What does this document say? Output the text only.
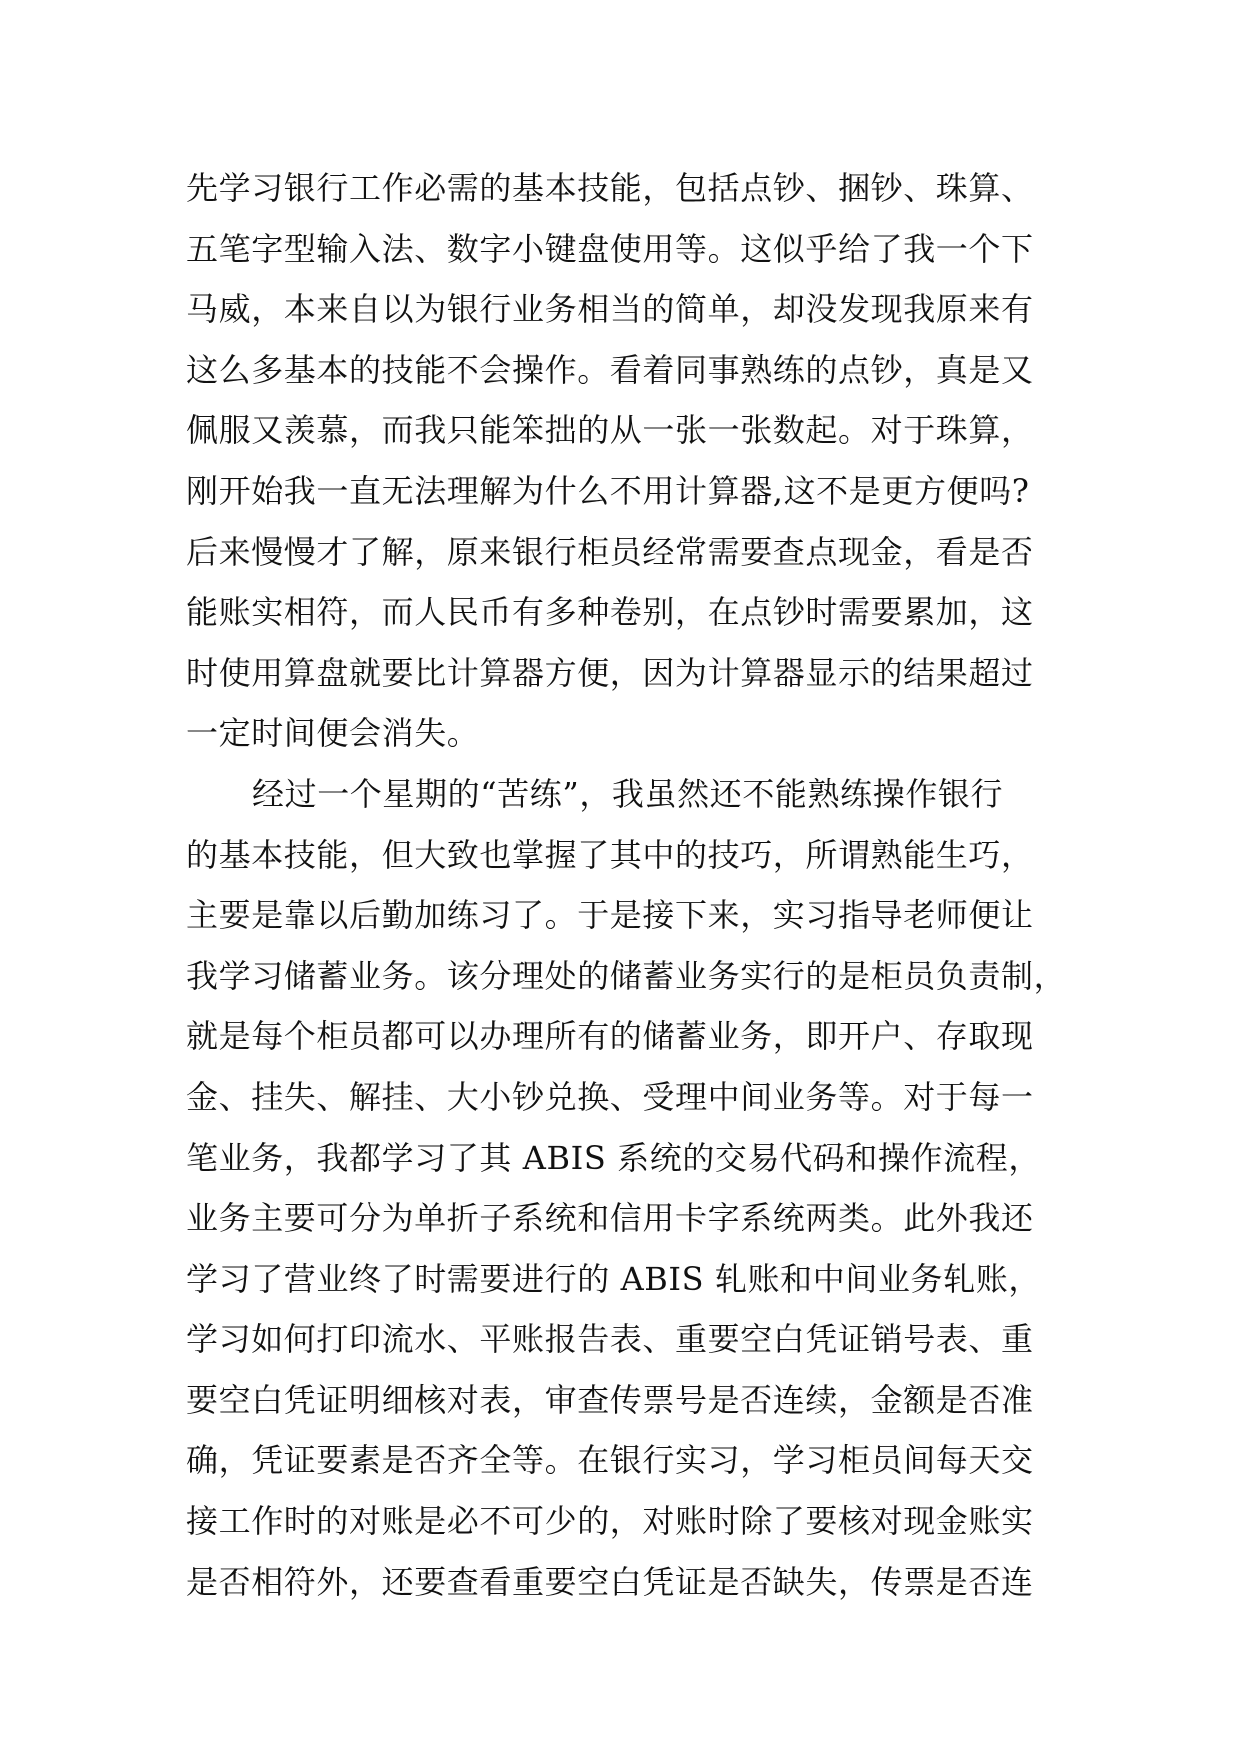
先学习银行工作必需的基本技能，包括点钞、捆钞、珠算、
五笔字型输入法、数字小键盘使用等。这似乎给了我一个下
马威，本来自以为银行业务相当的简单，却没发现我原来有
这么多基本的技能不会操作。看着同事熟练的点钞，真是又
佩服又羡慕，而我只能笨拙的从一张一张数起。对于珠算，
刚开始我一直无法理解为什么不用计算器,这不是更方便吗?
后来慢慢才了解，原来银行柜员经常需要查点现金，看是否
能账实相符，而人民币有多种卷别，在点钞时需要累加，这
时使用算盘就要比计算器方便，因为计算器显示的结果超过
一定时间便会消失。
经过一个星期的“苦练”，我虽然还不能熟练操作银行
的基本技能，但大致也掌握了其中的技巧，所谓熟能生巧，
主要是靠以后勤加练习了。于是接下来，实习指导老师便让
我学习储蓄业务。该分理处的储蓄业务实行的是柜员负责制，
就是每个柜员都可以办理所有的储蓄业务，即开户、存取现
金、挂失、解挂、大小钞兑换、受理中间业务等。对于每一
笔业务，我都学习了其 ABIS 系统的交易代码和操作流程，
业务主要可分为单折子系统和信用卡字系统两类。此外我还
学习了营业终了时需要进行的 ABIS 轧账和中间业务轧账，
学习如何打印流水、平账报告表、重要空白凭证销号表、重
要空白凭证明细核对表，审查传票号是否连续，金额是否准
确，凭证要素是否齐全等。在银行实习，学习柜员间每天交
接工作时的对账是必不可少的，对账时除了要核对现金账实
是否相符外，还要查看重要空白凭证是否缺失，传票是否连
